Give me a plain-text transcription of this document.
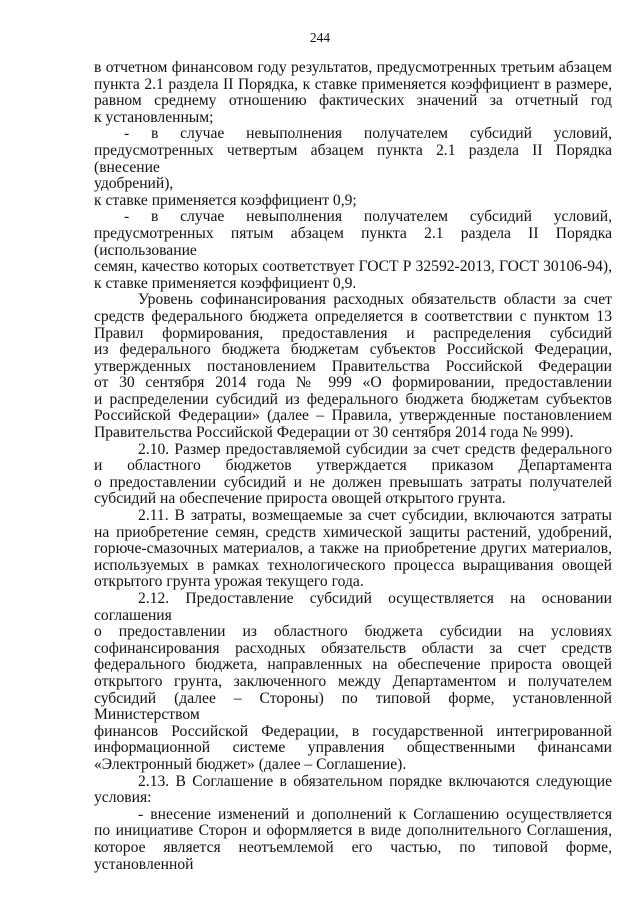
244
в отчетном финансовом году результатов, предусмотренных третьим абзацем
пункта 2.1 раздела II Порядка, к ставке применяется коэффициент в размере,
равном среднему отношению фактических значений за отчетный год
к установленным;
- в случае невыполнения получателем субсидий условий,
предусмотренных четвертым абзацем пункта 2.1 раздела II Порядка (внесение
удобрений),
к ставке применяется коэффициент 0,9;
- в случае невыполнения получателем субсидий условий,
предусмотренных пятым абзацем пункта 2.1 раздела II Порядка (использование
семян, качество которых соответствует ГОСТ Р 32592-2013, ГОСТ 30106-94),
к ставке применяется коэффициент 0,9.
Уровень софинансирования расходных обязательств области за счет
средств федерального бюджета определяется в соответствии с пунктом 13
Правил формирования, предоставления и распределения субсидий
из федерального бюджета бюджетам субъектов Российской Федерации,
утвержденных постановлением Правительства Российской Федерации
от 30 сентября 2014 года № 999 «О формировании, предоставлении
и распределении субсидий из федерального бюджета бюджетам субъектов
Российской Федерации» (далее – Правила, утвержденные постановлением
Правительства Российской Федерации от 30 сентября 2014 года № 999).
2.10. Размер предоставляемой субсидии за счет средств федерального
и областного бюджетов утверждается приказом Департамента
о предоставлении субсидий и не должен превышать затраты получателей
субсидий на обеспечение прироста овощей открытого грунта.
2.11. В затраты, возмещаемые за счет субсидии, включаются затраты
на приобретение семян, средств химической защиты растений, удобрений,
горюче-смазочных материалов, а также на приобретение других материалов,
используемых в рамках технологического процесса выращивания овощей
открытого грунта урожая текущего года.
2.12. Предоставление субсидий осуществляется на основании соглашения
о предоставлении из областного бюджета субсидии на условиях
софинансирования расходных обязательств области за счет средств
федерального бюджета, направленных на обеспечение прироста овощей
открытого грунта, заключенного между Департаментом и получателем
субсидий (далее – Стороны) по типовой форме, установленной Министерством
финансов Российской Федерации, в государственной интегрированной
информационной системе управления общественными финансами
«Электронный бюджет» (далее – Соглашение).
2.13. В Соглашение в обязательном порядке включаются следующие
условия:
- внесение изменений и дополнений к Соглашению осуществляется
по инициативе Сторон и оформляется в виде дополнительного Соглашения,
которое является неотъемлемой его частью, по типовой форме, установленной
